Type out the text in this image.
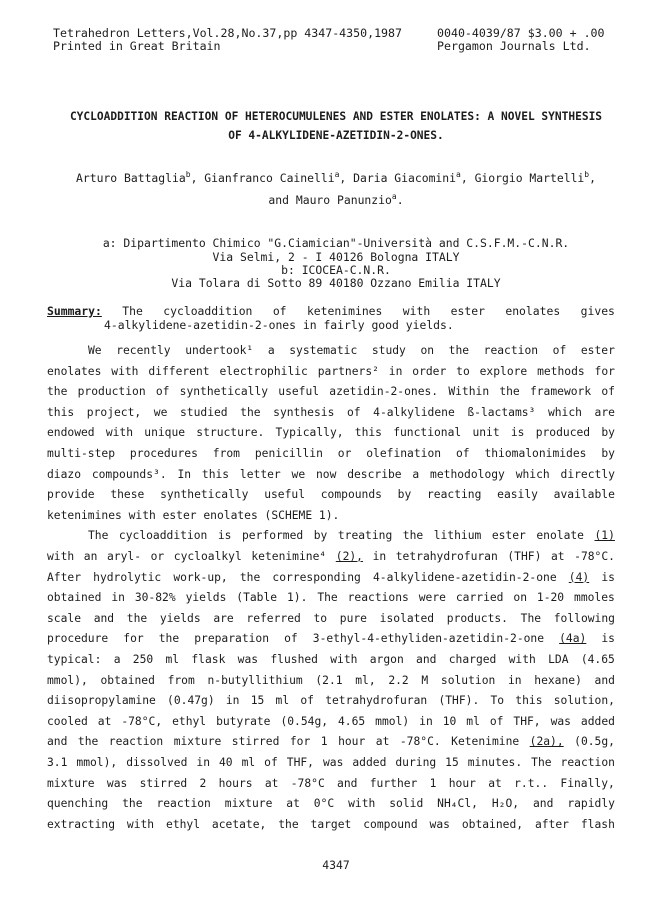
Tetrahedron Letters,Vol.28,No.37,pp 4347-4350,1987
Printed in Great Britain
0040-4039/87 $3.00 + .00
Pergamon Journals Ltd.
CYCLOADDITION REACTION OF HETEROCUMULENES AND ESTER ENOLATES: A NOVEL SYNTHESIS
OF 4-ALKYLIDENE-AZETIDIN-2-ONES.
Arturo Battaglia$^b$, Gianfranco Cainelli$^a$, Daria Giacomini$^a$, Giorgio Martelli$^b$,
and Mauro Panunzio$^a$.
a: Dipartimento Chimico "G.Ciamician"-Università and C.S.F.M.-C.N.R.
Via Selmi, 2 - I 40126 Bologna ITALY
b: ICOCEA-C.N.R.
Via Tolara di Sotto 89 40180 Ozzano Emilia ITALY
Summary: The cycloaddition of ketenimines with ester enolates gives
4-alkylidene-azetidin-2-ones in fairly good yields.
We recently undertook¹ a systematic study on the reaction of ester
enolates with different electrophilic partners² in order to explore methods for
the production of synthetically useful azetidin-2-ones. Within the framework of
this project, we studied the synthesis of 4-alkylidene ß-lactams³ which are
endowed with unique structure. Typically, this functional unit is produced by
multi-step procedures from penicillin or olefination of thiomalonimides by
diazo compounds³. In this letter we now describe a methodology which directly
provide these synthetically useful compounds by reacting easily available
ketenimines with ester enolates (SCHEME 1).
The cycloaddition is performed by treating the lithium ester enolate (1)
with an aryl- or cycloalkyl ketenimine⁴ (2), in tetrahydrofuran (THF) at -78°C.
After hydrolytic work-up, the corresponding 4-alkylidene-azetidin-2-one (4) is
obtained in 30-82% yields (Table 1). The reactions were carried on 1-20 mmoles
scale and the yields are referred to pure isolated products. The following
procedure for the preparation of 3-ethyl-4-ethyliden-azetidin-2-one (4a) is
typical: a 250 ml flask was flushed with argon and charged with LDA (4.65
mmol), obtained from n-butyllithium (2.1 ml, 2.2 M solution in hexane) and
diisopropylamine (0.47g) in 15 ml of tetrahydrofuran (THF). To this solution,
cooled at -78°C, ethyl butyrate (0.54g, 4.65 mmol) in 10 ml of THF, was added
and the reaction mixture stirred for 1 hour at -78°C. Ketenimine (2a), (0.5g,
3.1 mmol), dissolved in 40 ml of THF, was added during 15 minutes. The reaction
mixture was stirred 2 hours at -78°C and further 1 hour at r.t.. Finally,
quenching the reaction mixture at 0°C with solid NH₄Cl, H₂O, and rapidly
extracting with ethyl acetate, the target compound was obtained, after flash
4347
